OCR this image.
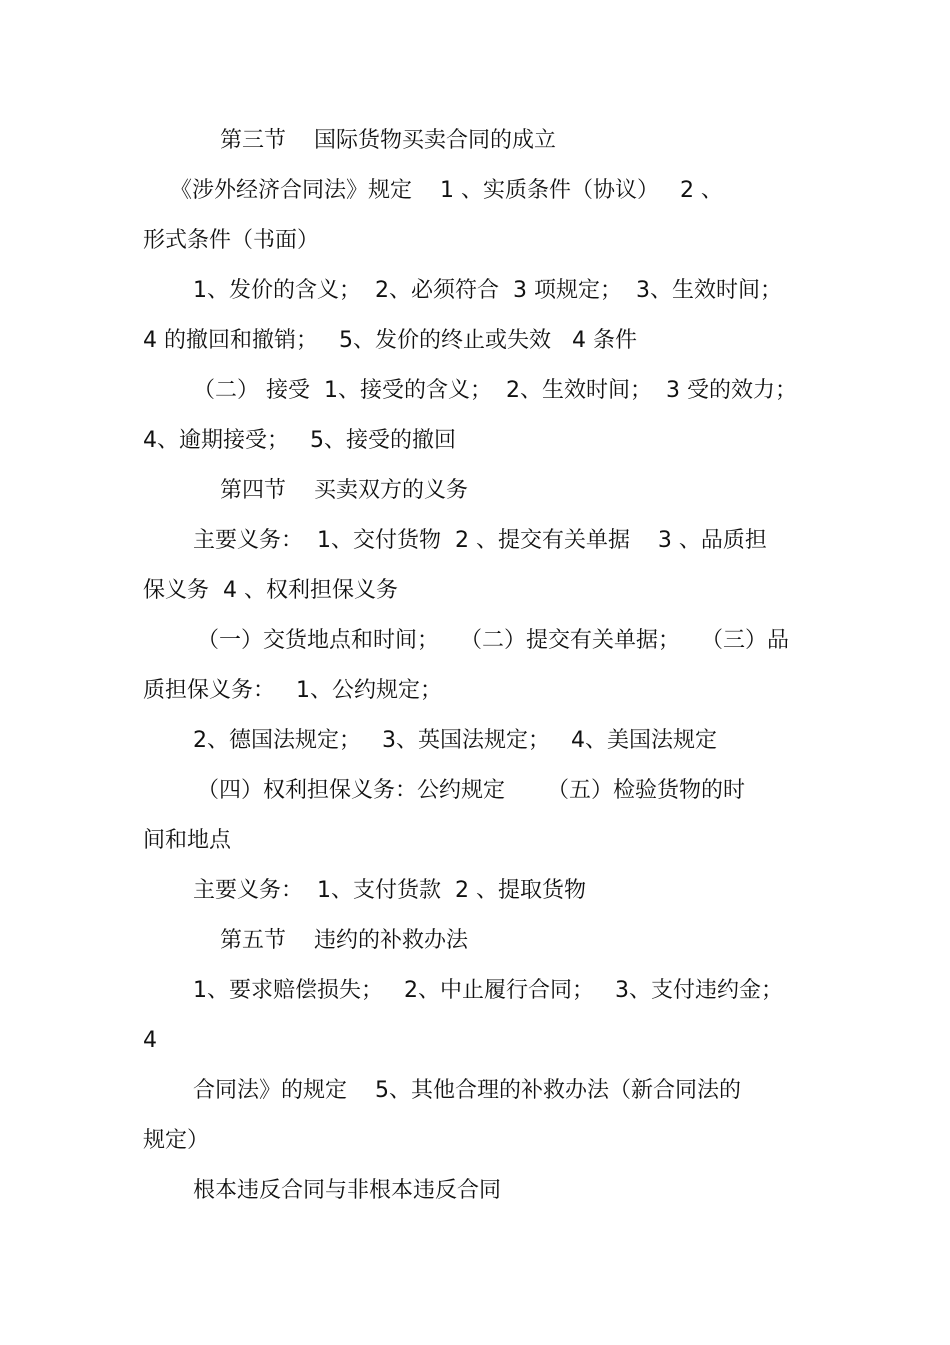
第三节    国际货物买卖合同的成立
《涉外经济合同法》规定    1 、实质条件（协议）   2 、
形式条件（书面）
1、发价的含义；  2、必须符合  3 项规定；  3、生效时间；
4 的撤回和撤销；   5、发价的终止或失效   4 条件
（二） 接受  1、接受的含义；  2、生效时间；  3 受的效力；
4、逾期接受；   5、接受的撤回
第四节    买卖双方的义务
主要义务：  1、交付货物  2 、提交有关单据    3 、品质担
保义务  4 、权利担保义务
（一）交货地点和时间；   （二）提交有关单据；   （三）品
质担保义务：   1、公约规定；
2、德国法规定；   3、英国法规定；   4、美国法规定
（四）权利担保义务：公约规定      （五）检验货物的时
间和地点
主要义务：  1、支付货款  2 、提取货物
第五节    违约的补救办法
1、要求赔偿损失；   2、中止履行合同；   3、支付违约金；
4
合同法》的规定    5、其他合理的补救办法（新合同法的
规定）
根本违反合同与非根本违反合同
